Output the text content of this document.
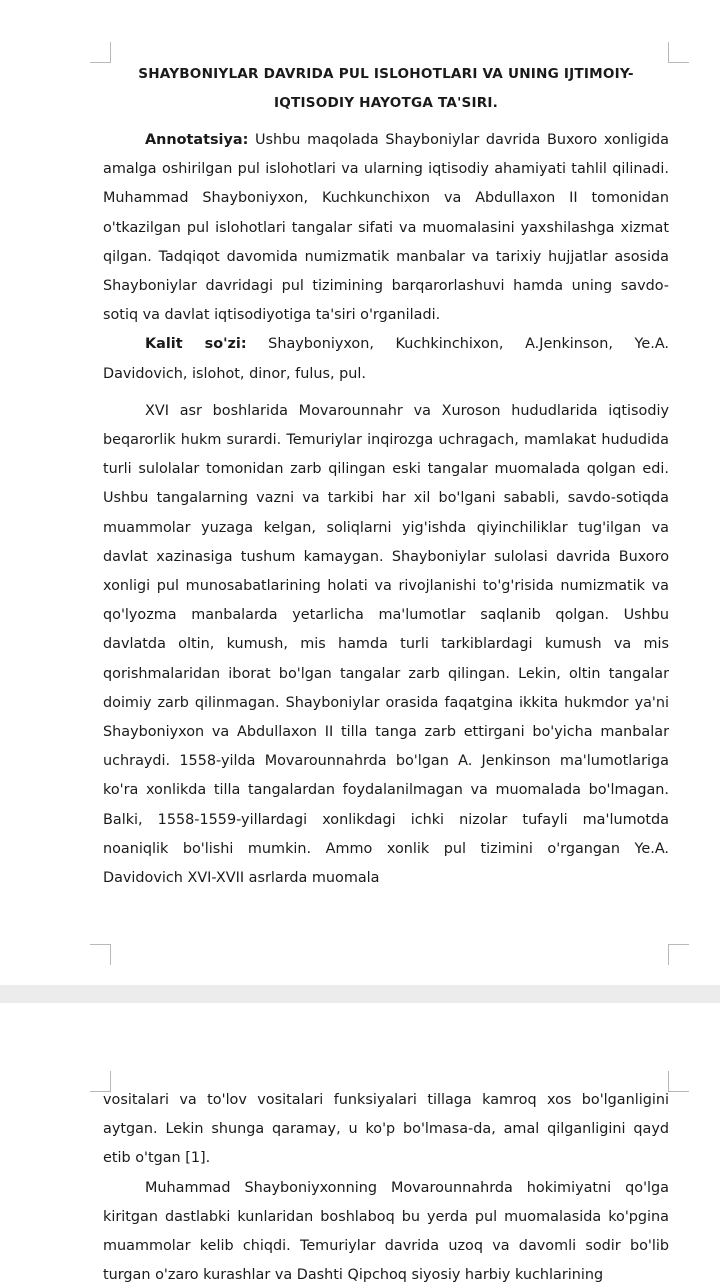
SHAYBONIYLAR DAVRIDA PUL ISLOHOTLARI VA UNING IJTIMOIY-
IQTISODIY HAYOTGA TA'SIRI.

Annotatsiya: Ushbu maqolada Shayboniylar davrida Buxoro xonligida amalga oshirilgan pul islohotlari va ularning iqtisodiy ahamiyati tahlil qilinadi. Muhammad Shayboniyxon, Kuchkunchixon va Abdullaxon II tomonidan o'tkazilgan pul islohotlari tangalar sifati va muomalasini yaxshilashga xizmat qilgan. Tadqiqot davomida numizmatik manbalar va tarixiy hujjatlar asosida Shayboniylar davridagi pul tizimining barqarorlashuvi hamda uning savdo-sotiq va davlat iqtisodiyotiga ta'siri o'rganiladi.

Kalit so'zi: Shayboniyxon, Kuchkinchixon, A.Jenkinson, Ye.A. Davidovich, islohot, dinor, fulus, pul.

XVI asr boshlarida Movarounnahr va Xuroson hududlarida iqtisodiy beqarorlik hukm surardi. Temuriylar inqirozga uchragach, mamlakat hududida turli sulolalar tomonidan zarb qilingan eski tangalar muomalada qolgan edi. Ushbu tangalarning vazni va tarkibi har xil bo'lgani sababli, savdo-sotiqda muammolar yuzaga kelgan, soliqlarni yig'ishda qiyinchiliklar tug'ilgan va davlat xazinasiga tushum kamaygan. Shayboniylar sulolasi davrida Buxoro xonligi pul munosabatlarining holati va rivojlanishi to'g'risida numizmatik va qo'lyozma manbalarda yetarlicha ma'lumotlar saqlanib qolgan. Ushbu davlatda oltin, kumush, mis hamda turli tarkiblardagi kumush va mis qorishmalaridan iborat bo'lgan tangalar zarb qilingan. Lekin, oltin tangalar doimiy zarb qilinmagan. Shayboniylar orasida faqatgina ikkita hukmdor ya'ni Shayboniyxon va Abdullaxon II tilla tanga zarb ettirgani bo'yicha manbalar uchraydi. 1558-yilda Movarounnahrda bo'lgan A. Jenkinson ma'lumotlariga ko'ra xonlikda tilla tangalardan foydalanilmagan va muomalada bo'lmagan. Balki, 1558-1559-yillardagi xonlikdagi ichki nizolar tufayli ma'lumotda noaniqlik bo'lishi mumkin. Ammo xonlik pul tizimini o'rgangan Ye.A. Davidovich XVI-XVII asrlarda muomala

vositalari va to'lov vositalari funksiyalari tillaga kamroq xos bo'lganligini aytgan. Lekin shunga qaramay, u ko'p bo'lmasa-da, amal qilganligini qayd etib o'tgan [1].

Muhammad Shayboniyxonning Movarounnahrda hokimiyatni qo'lga kiritgan dastlabki kunlaridan boshlaboq bu yerda pul muomalasida ko'pgina muammolar kelib chiqdi. Temuriylar davrida uzoq va davomli sodir bo'lib turgan o'zaro kurashlar va Dashti Qipchoq siyosiy harbiy kuchlarining
